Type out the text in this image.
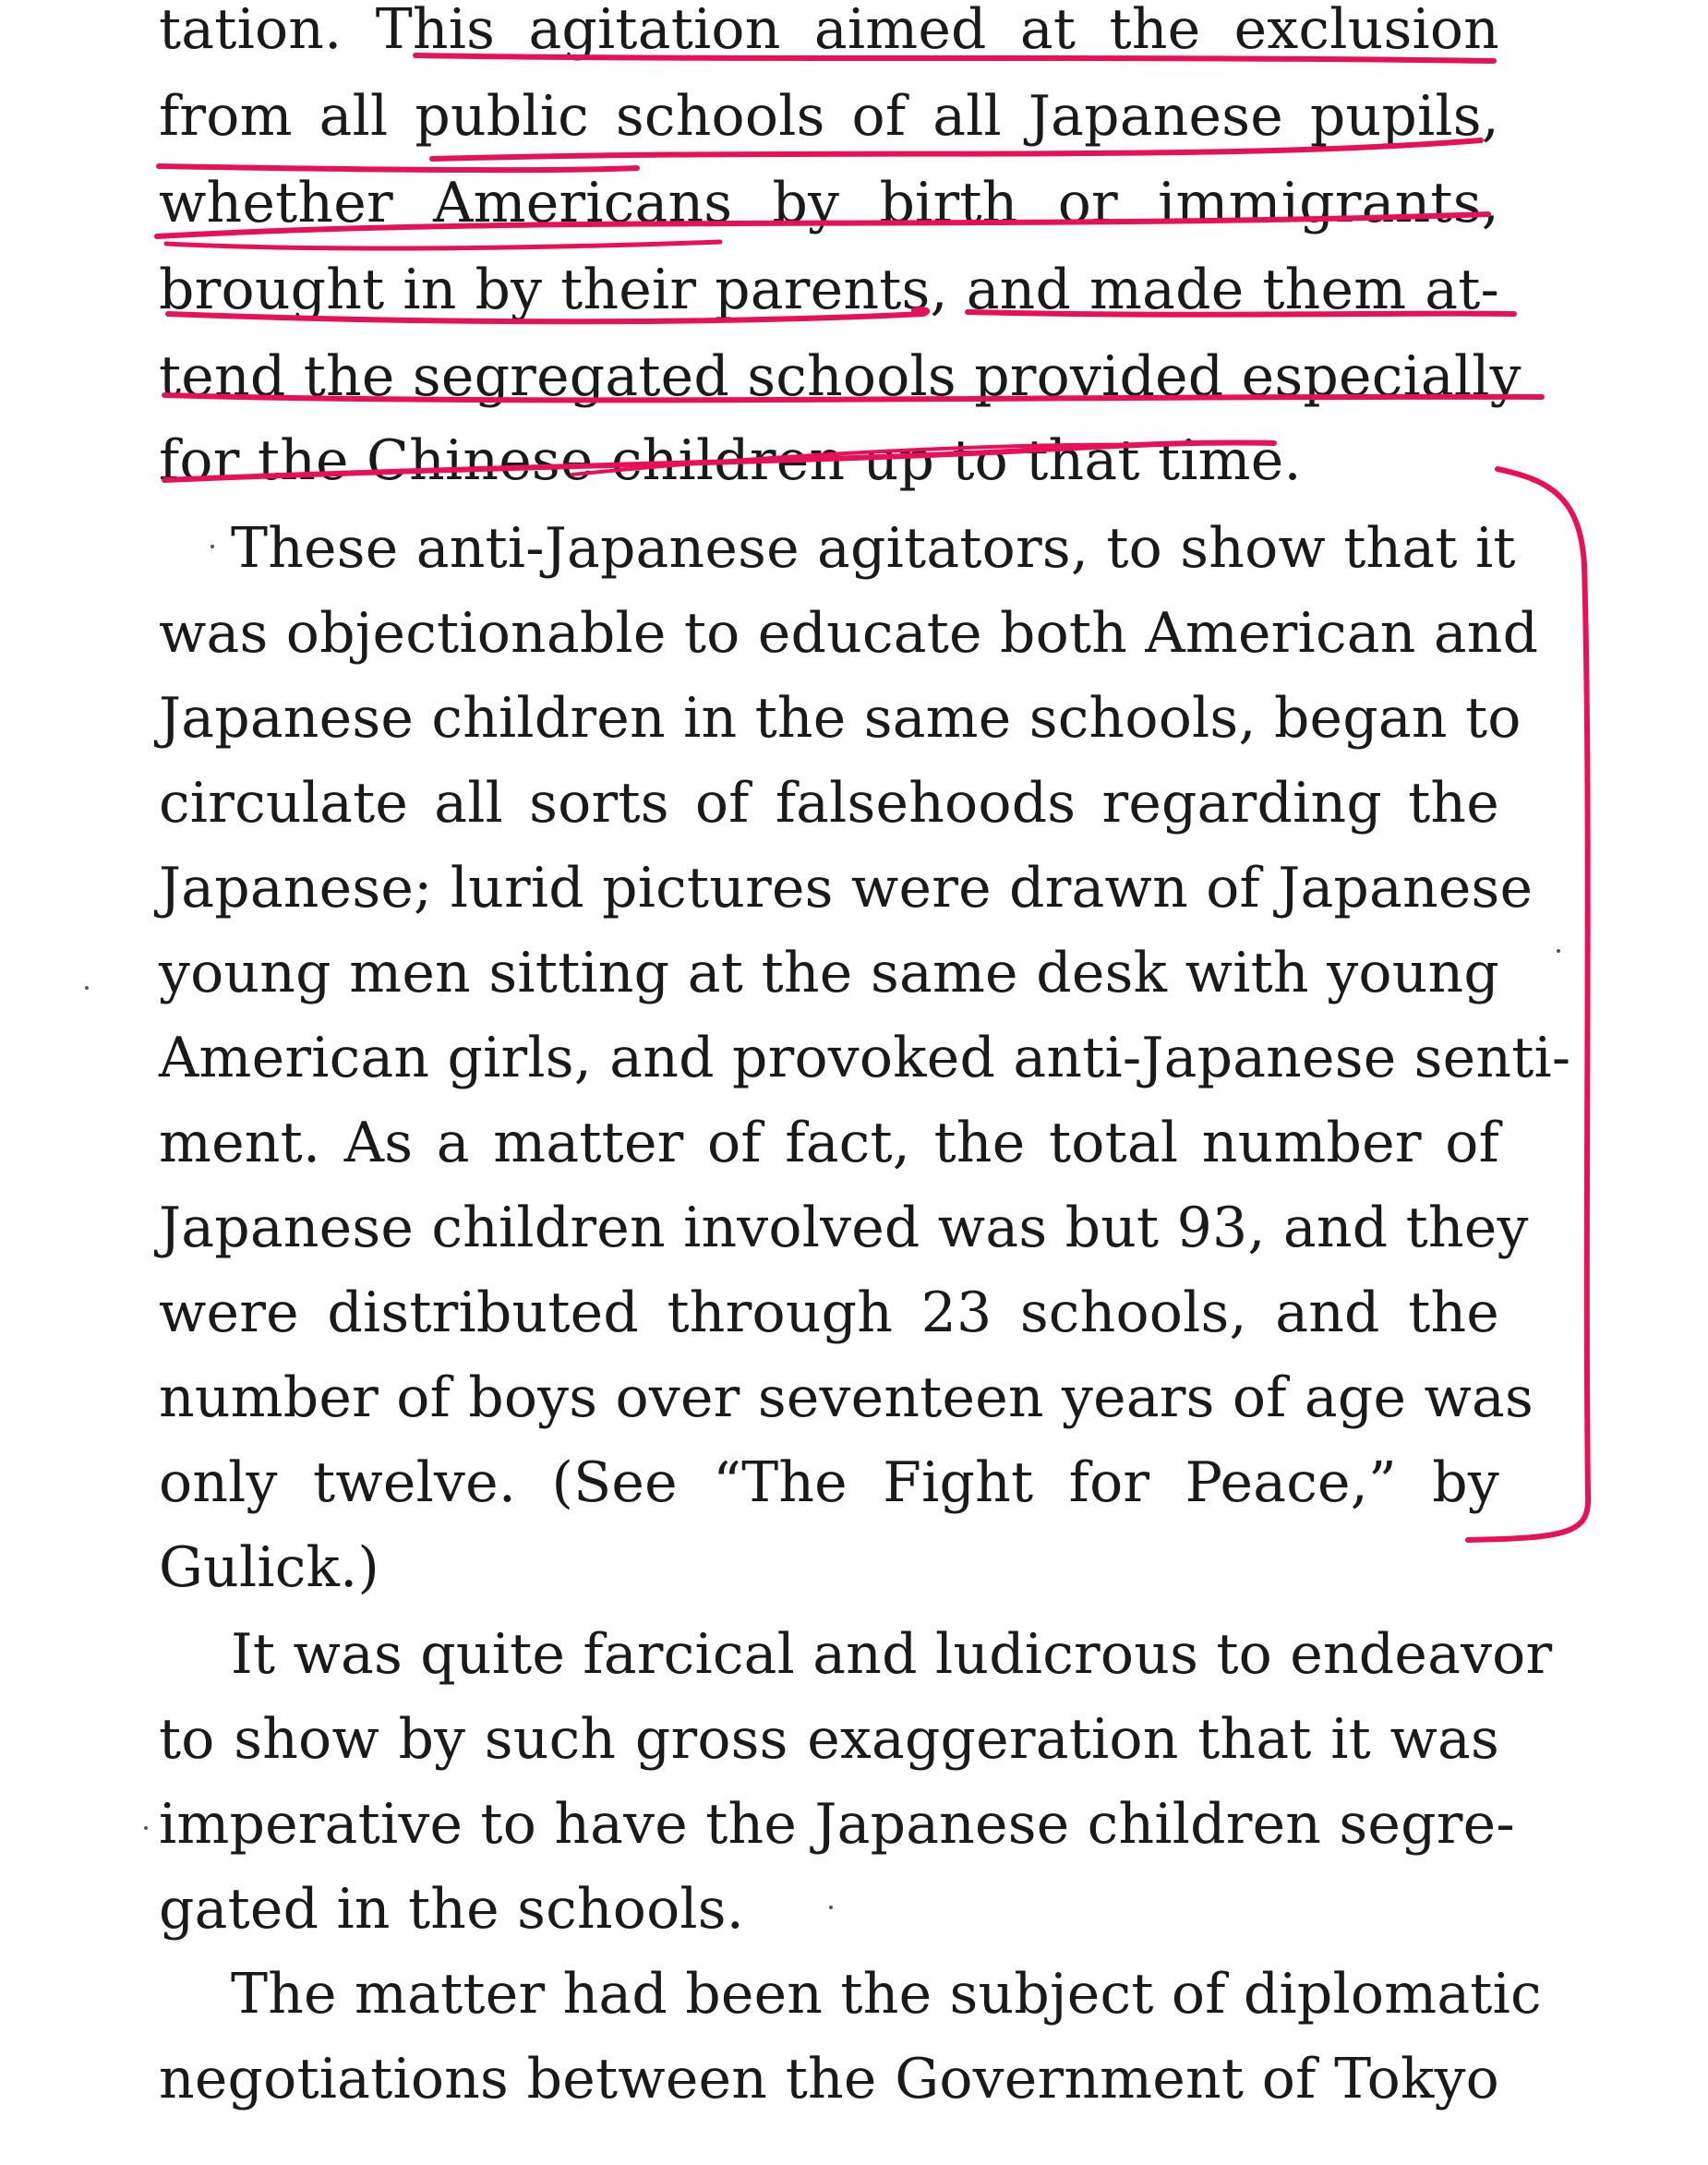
tation. This agitation aimed at the exclusion
from all public schools of all Japanese pupils,
whether Americans by birth or immigrants,
brought in by their parents, and made them at-
tend the segregated schools provided especially
for the Chinese children up to that time.
These anti-Japanese agitators, to show that it
was objectionable to educate both American and
Japanese children in the same schools, began to
circulate all sorts of falsehoods regarding the
Japanese; lurid pictures were drawn of Japanese
young men sitting at the same desk with young
American girls, and provoked anti-Japanese senti-
ment. As a matter of fact, the total number of
Japanese children involved was but 93, and they
were distributed through 23 schools, and the
number of boys over seventeen years of age was
only twelve. (See “The Fight for Peace,” by
Gulick.)
It was quite farcical and ludicrous to endeavor
to show by such gross exaggeration that it was
imperative to have the Japanese children segre-
gated in the schools.
The matter had been the subject of diplomatic
negotiations between the Government of Tokyo
